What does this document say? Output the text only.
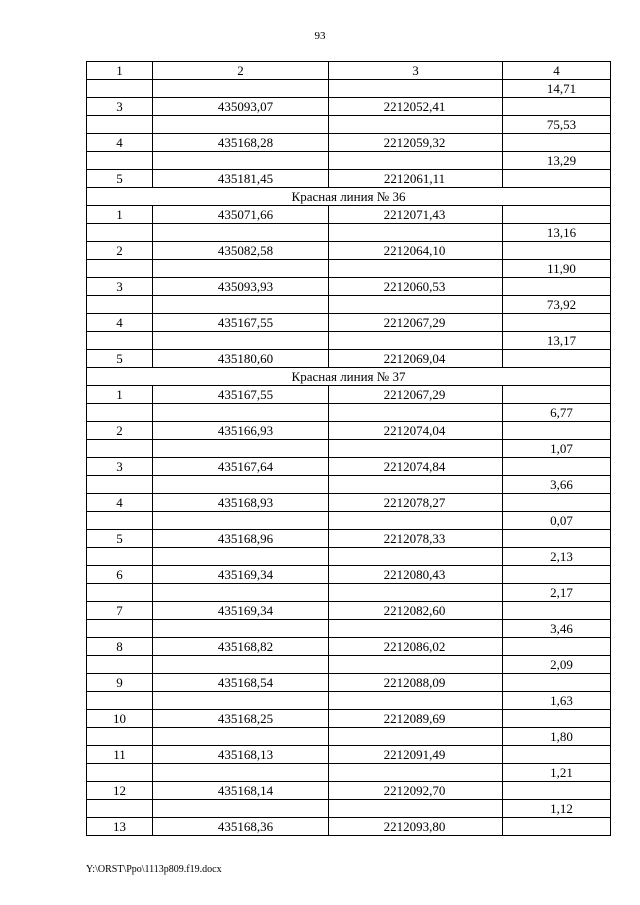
93
1	2	3	4
			14,71
3	435093,07	2212052,41	
			75,53
4	435168,28	2212059,32	
			13,29
5	435181,45	2212061,11	
Красная линия № 36			
1	435071,66	2212071,43	
			13,16
2	435082,58	2212064,10	
			11,90
3	435093,93	2212060,53	
			73,92
4	435167,55	2212067,29	
			13,17
5	435180,60	2212069,04	
Красная линия № 37			
1	435167,55	2212067,29	
			6,77
2	435166,93	2212074,04	
			1,07
3	435167,64	2212074,84	
			3,66
4	435168,93	2212078,27	
			0,07
5	435168,96	2212078,33	
			2,13
6	435169,34	2212080,43	
			2,17
7	435169,34	2212082,60	
			3,46
8	435168,82	2212086,02	
			2,09
9	435168,54	2212088,09	
			1,63
10	435168,25	2212089,69	
			1,80
11	435168,13	2212091,49	
			1,21
12	435168,14	2212092,70	
			1,12
13	435168,36	2212093,80	
Y:\ORST\Ppo\1113p809.f19.docx
